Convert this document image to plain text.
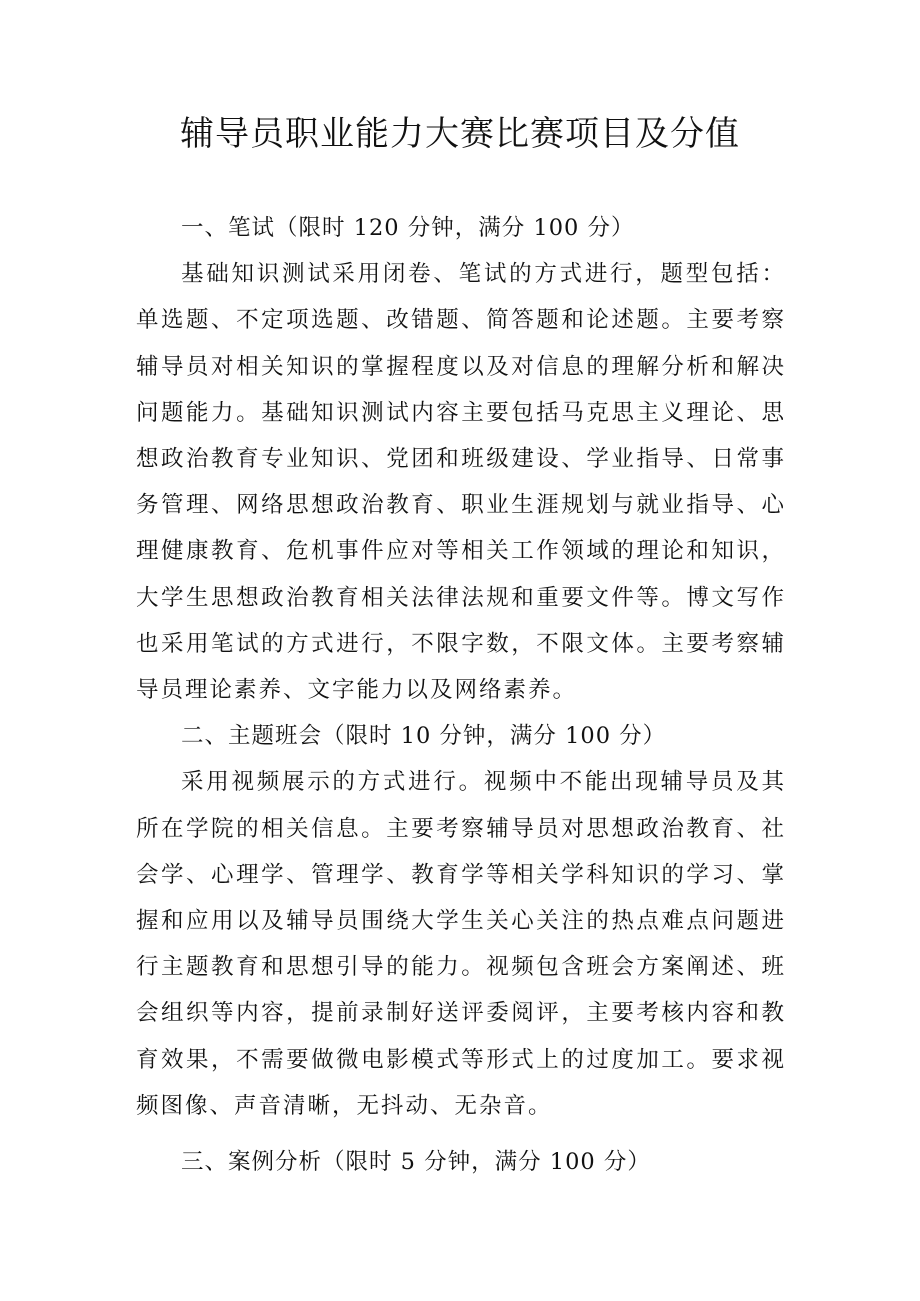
辅导员职业能力大赛比赛项目及分值

一、笔试（限时 120 分钟，满分 100 分）

基础知识测试采用闭卷、笔试的方式进行，题型包括：单选题、不定项选题、改错题、简答题和论述题。主要考察辅导员对相关知识的掌握程度以及对信息的理解分析和解决问题能力。基础知识测试内容主要包括马克思主义理论、思想政治教育专业知识、党团和班级建设、学业指导、日常事务管理、网络思想政治教育、职业生涯规划与就业指导、心理健康教育、危机事件应对等相关工作领域的理论和知识，大学生思想政治教育相关法律法规和重要文件等。博文写作也采用笔试的方式进行，不限字数，不限文体。主要考察辅导员理论素养、文字能力以及网络素养。

二、主题班会（限时 10 分钟，满分 100 分）

采用视频展示的方式进行。视频中不能出现辅导员及其所在学院的相关信息。主要考察辅导员对思想政治教育、社会学、心理学、管理学、教育学等相关学科知识的学习、掌握和应用以及辅导员围绕大学生关心关注的热点难点问题进行主题教育和思想引导的能力。视频包含班会方案阐述、班会组织等内容，提前录制好送评委阅评，主要考核内容和教育效果，不需要做微电影模式等形式上的过度加工。要求视频图像、声音清晰，无抖动、无杂音。

三、案例分析（限时 5 分钟，满分 100 分）
